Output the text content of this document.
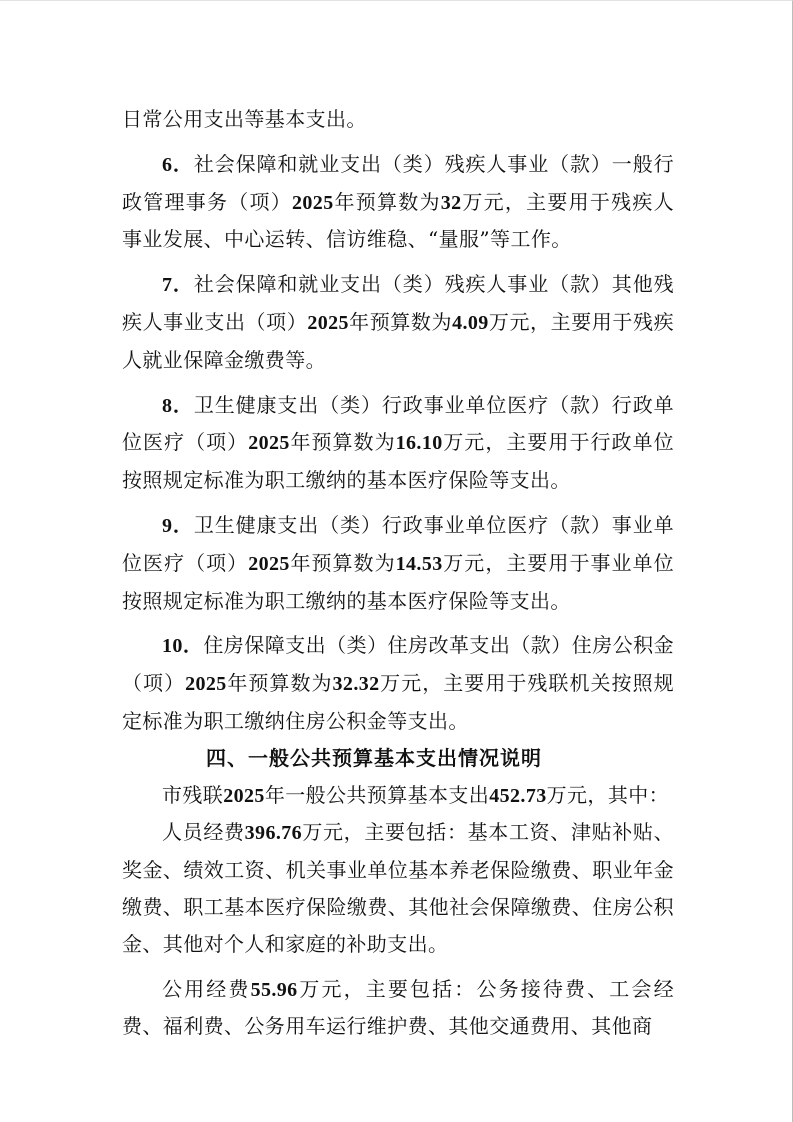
日常公用支出等基本支出。

6．社会保障和就业支出（类）残疾人事业（款）一般行政管理事务（项）2025年预算数为32万元，主要用于残疾人事业发展、中心运转、信访维稳、“量服”等工作。

7．社会保障和就业支出（类）残疾人事业（款）其他残疾人事业支出（项）2025年预算数为4.09万元，主要用于残疾人就业保障金缴费等。

8．卫生健康支出（类）行政事业单位医疗（款）行政单位医疗（项）2025年预算数为16.10万元，主要用于行政单位按照规定标准为职工缴纳的基本医疗保险等支出。

9．卫生健康支出（类）行政事业单位医疗（款）事业单位医疗（项）2025年预算数为14.53万元，主要用于事业单位按照规定标准为职工缴纳的基本医疗保险等支出。

10．住房保障支出（类）住房改革支出（款）住房公积金（项）2025年预算数为32.32万元，主要用于残联机关按照规定标准为职工缴纳住房公积金等支出。

四、一般公共预算基本支出情况说明

市残联2025年一般公共预算基本支出452.73万元，其中：

人员经费396.76万元，主要包括：基本工资、津贴补贴、奖金、绩效工资、机关事业单位基本养老保险缴费、职业年金缴费、职工基本医疗保险缴费、其他社会保障缴费、住房公积金、其他对个人和家庭的补助支出。

公用经费55.96万元，主要包括：公务接待费、工会经费、福利费、公务用车运行维护费、其他交通费用、其他商
